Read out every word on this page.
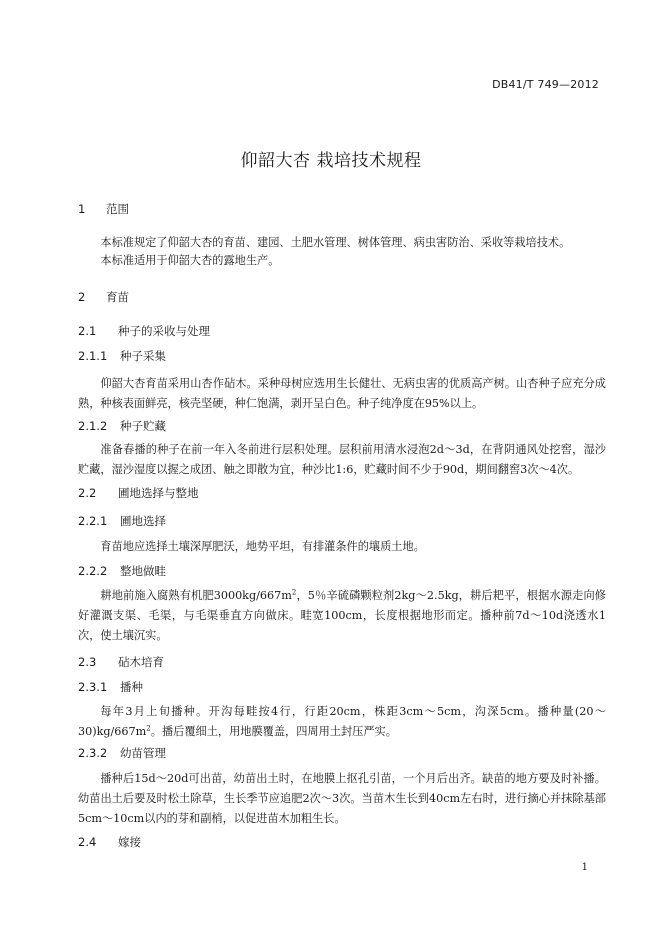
DB41/T 749—2012
仰韶大杏 栽培技术规程
1 范围
本标准规定了仰韶大杏的育苗、建园、土肥水管理、树体管理、病虫害防治、采收等栽培技术。
本标准适用于仰韶大杏的露地生产。
2 育苗
2.1 种子的采收与处理
2.1.1 种子采集
仰韶大杏育苗采用山杏作砧木。采种母树应选用生长健壮、无病虫害的优质高产树。山杏种子应充分成熟，种核表面鲜亮，核壳坚硬，种仁饱满，剥开呈白色。种子纯净度在95%以上。
2.1.2 种子贮藏
准备春播的种子在前一年入冬前进行层积处理。层积前用清水浸泡2d～3d，在背阴通风处挖窖，湿沙贮藏，湿沙湿度以握之成团、触之即散为宜，种沙比1:6，贮藏时间不少于90d，期间翻窖3次～4次。
2.2 圃地选择与整地
2.2.1 圃地选择
育苗地应选择土壤深厚肥沃，地势平坦，有排灌条件的壤质土地。
2.2.2 整地做畦
耕地前施入腐熟有机肥$3000kg/667m^2$，5％辛硫磷颗粒剂2kg～2.5kg，耕后耙平，根据水源走向修好灌溉支渠、毛渠，与毛渠垂直方向做床。畦宽100cm，长度根据地形而定。播种前7d～10d浇透水1次，使土壤沉实。
2.3 砧木培育
2.3.1 播种
每年3月上旬播种。开沟每畦按4行，行距20cm，株距3cm～5cm，沟深5cm。播种量$(20\sim 30)kg/667m^2$。播后覆细土，用地膜覆盖，四周用土封压严实。
2.3.2 幼苗管理
播种后15d～20d可出苗，幼苗出土时，在地膜上抠孔引苗，一个月后出齐。缺苗的地方要及时补播。幼苗出土后要及时松土除草，生长季节应追肥2次～3次。当苗木生长到40cm左右时，进行摘心并抹除基部5cm～10cm以内的芽和副梢，以促进苗木加粗生长。
2.4 嫁接
1
